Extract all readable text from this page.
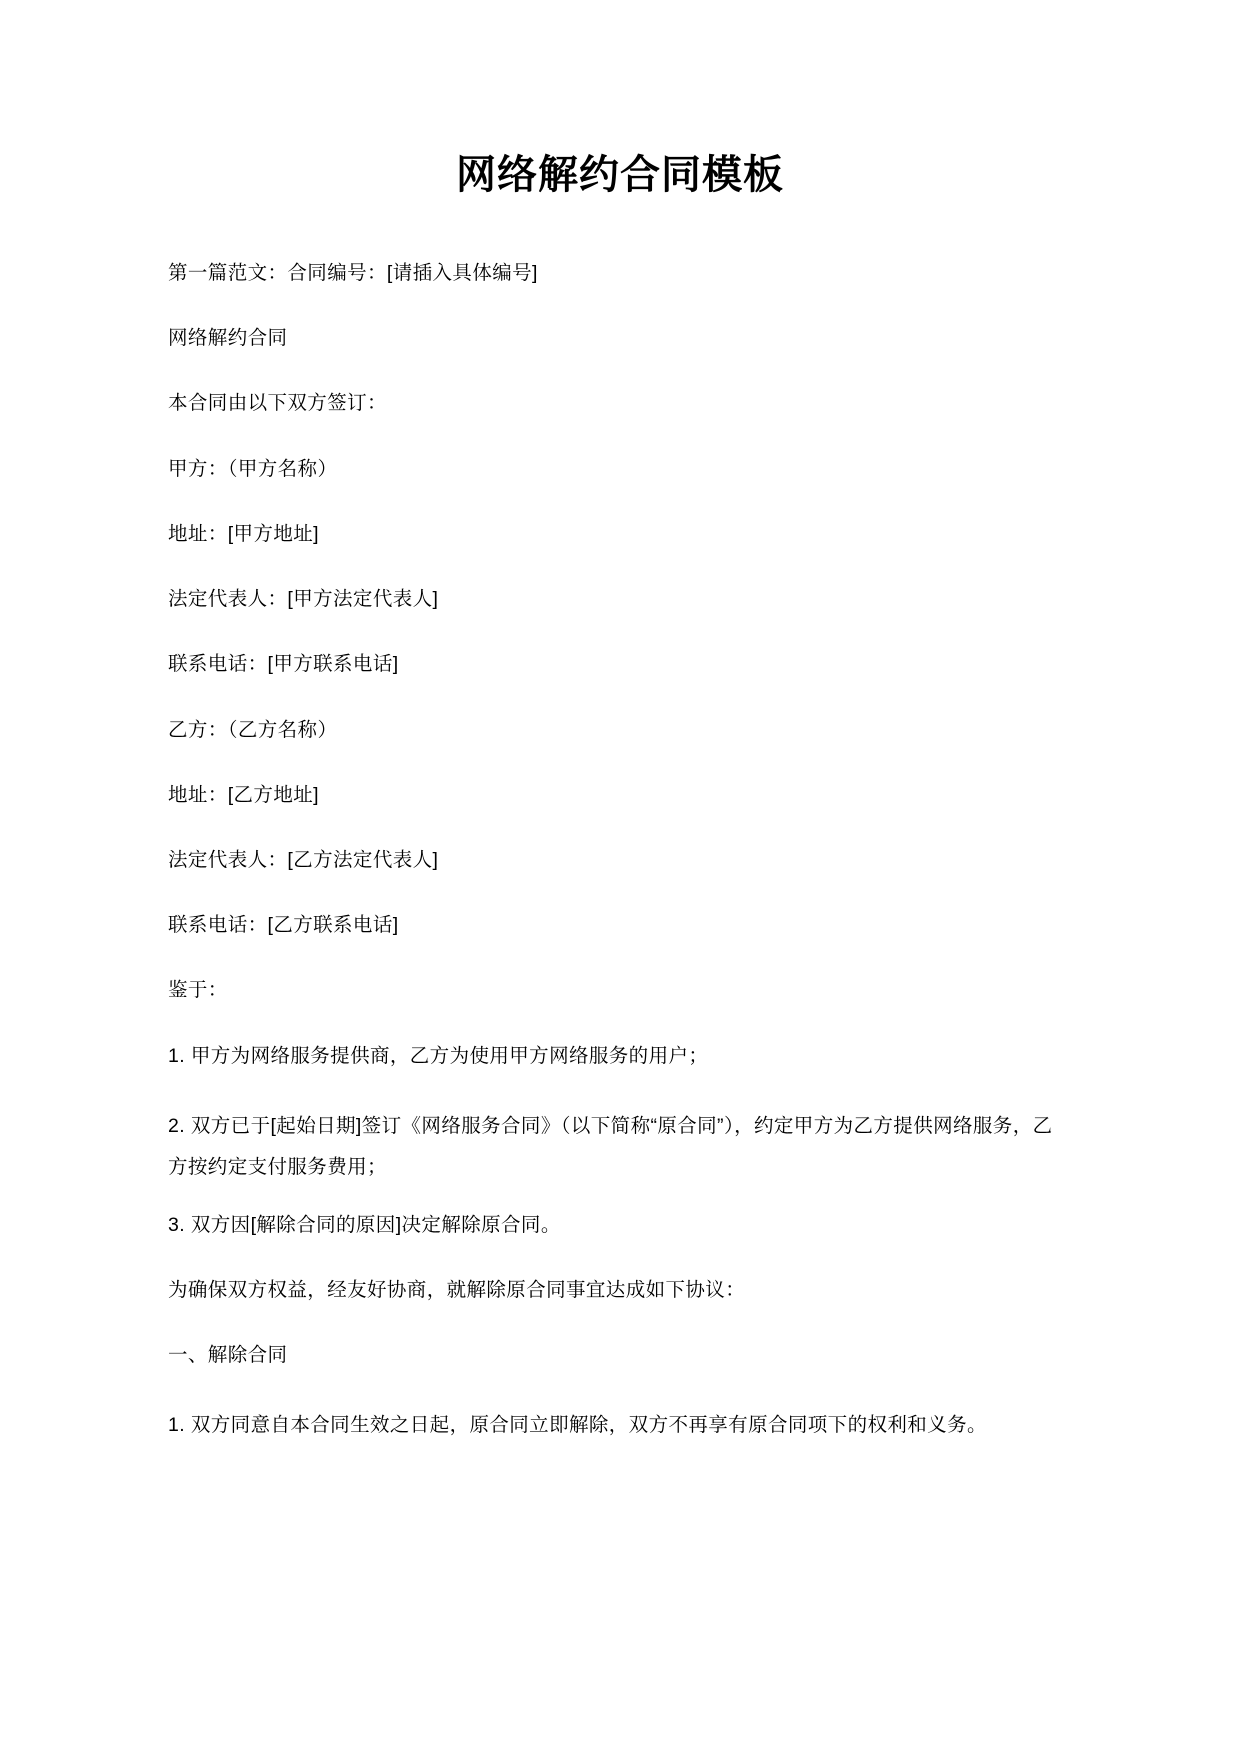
网络解约合同模板

第一篇范文：合同编号：[请插入具体编号]

网络解约合同

本合同由以下双方签订：

甲方：（甲方名称）

地址：[甲方地址]

法定代表人：[甲方法定代表人]

联系电话：[甲方联系电话]

乙方：（乙方名称）

地址：[乙方地址]

法定代表人：[乙方法定代表人]

联系电话：[乙方联系电话]

鉴于：

1. 甲方为网络服务提供商，乙方为使用甲方网络服务的用户；

2. 双方已于[起始日期]签订《网络服务合同》（以下简称“原合同”），约定甲方为乙方提供网络服务，乙方按约定支付服务费用；

3. 双方因[解除合同的原因]决定解除原合同。

为确保双方权益，经友好协商，就解除原合同事宜达成如下协议：

一、解除合同

1. 双方同意自本合同生效之日起，原合同立即解除，双方不再享有原合同项下的权利和义务。
